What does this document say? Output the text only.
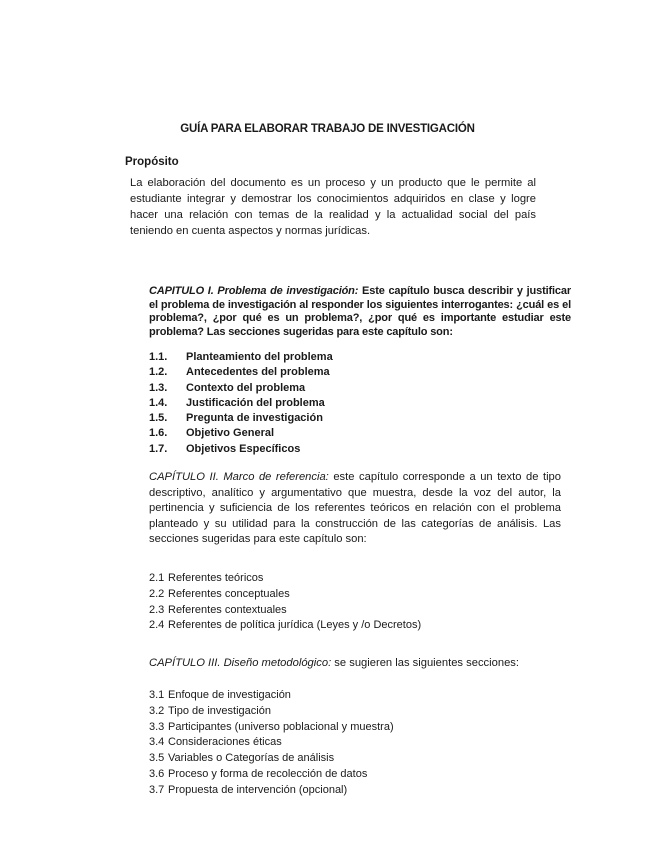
GUÍA PARA ELABORAR TRABAJO DE INVESTIGACIÓN
Propósito
La elaboración del documento es un proceso y un producto que le permite al estudiante integrar y demostrar los conocimientos adquiridos en clase y logre hacer una relación con temas de la realidad y la actualidad social del país teniendo en cuenta aspectos y normas jurídicas.
CAPITULO I. Problema de investigación: Este capítulo busca describir y justificar el problema de investigación al responder los siguientes interrogantes: ¿cuál es el problema?, ¿por qué es un problema?, ¿por qué es importante estudiar este problema? Las secciones sugeridas para este capítulo son:
1.1.	Planteamiento del problema
1.2.	Antecedentes del problema
1.3.	Contexto del problema
1.4.	Justificación del problema
1.5.	Pregunta de investigación
1.6.	Objetivo General
1.7.	Objetivos Específicos
CAPÍTULO II. Marco de referencia: este capítulo corresponde a un texto de tipo descriptivo, analítico y argumentativo que muestra, desde la voz del autor, la pertinencia y suficiencia de los referentes teóricos en relación con el problema planteado y su utilidad para la construcción de las categorías de análisis. Las secciones sugeridas para este capítulo son:
2.1 Referentes teóricos
2.2 Referentes conceptuales
2.3 Referentes contextuales
2.4 Referentes de política jurídica (Leyes y /o Decretos)
CAPÍTULO III. Diseño metodológico: se sugieren las siguientes secciones:
3.1 Enfoque de investigación
3.2 Tipo de investigación
3.3 Participantes (universo poblacional y muestra)
3.4 Consideraciones éticas
3.5 Variables o Categorías de análisis
3.6 Proceso y forma de recolección de datos
3.7 Propuesta de intervención (opcional)
